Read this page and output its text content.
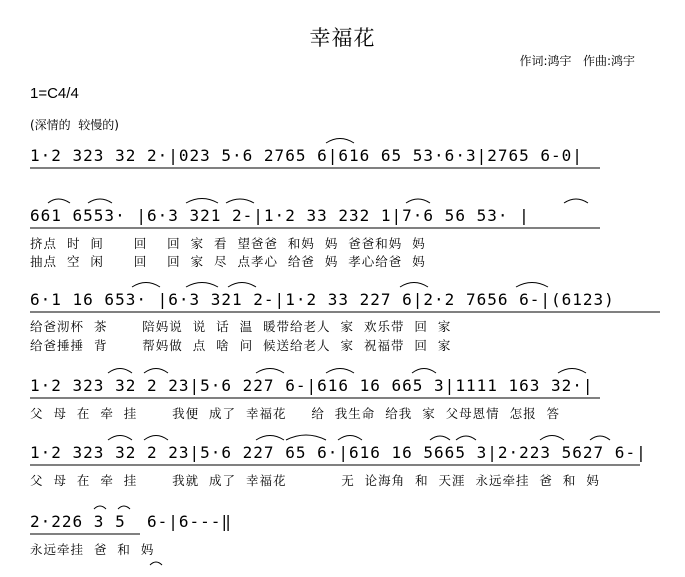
幸福花
作词:鸿宇   作曲:鸿宇
1=C4/4
(深情的  较慢的)
1·2 323 32 2·|023 5·6 2765 6|616 65 53·6·3|2765 6-0|
661 6553· |6·3 321 2-|1·2 33 232 1|7·6 56 53· |
挤点  时  间      回    回  家  看  望爸爸  和妈  妈  爸爸和妈  妈
抽点  空  闲      回    回  家  尽  点孝心  给爸  妈  孝心给爸  妈
6·1 16 653· |6·3 321 2-|1·2 33 227 6|2·2 7656 6-|(6123)
给爸沏杯  茶       陪妈说  说  话  温  暖带给老人  家  欢乐带  回  家
给爸捶捶  背       帮妈做  点  啥  问  候送给老人  家  祝福带  回  家
1·2 323 32 2 23|5·6 227 6-|616 16 665 3|1111 163 32·|
父  母  在  牵  挂       我便  成了  幸福花     给  我生命  给我  家  父母恩情  怎报  答
1·2 323 32 2 23|5·6 227 65 6·|616 16 5665 3|2·223 5627 6-|
父  母  在  牵  挂       我就  成了  幸福花           无  论海角  和  天涯  永远牵挂  爸  和  妈
2·226 3 5  6-|6---‖
永远牵挂  爸  和  妈
